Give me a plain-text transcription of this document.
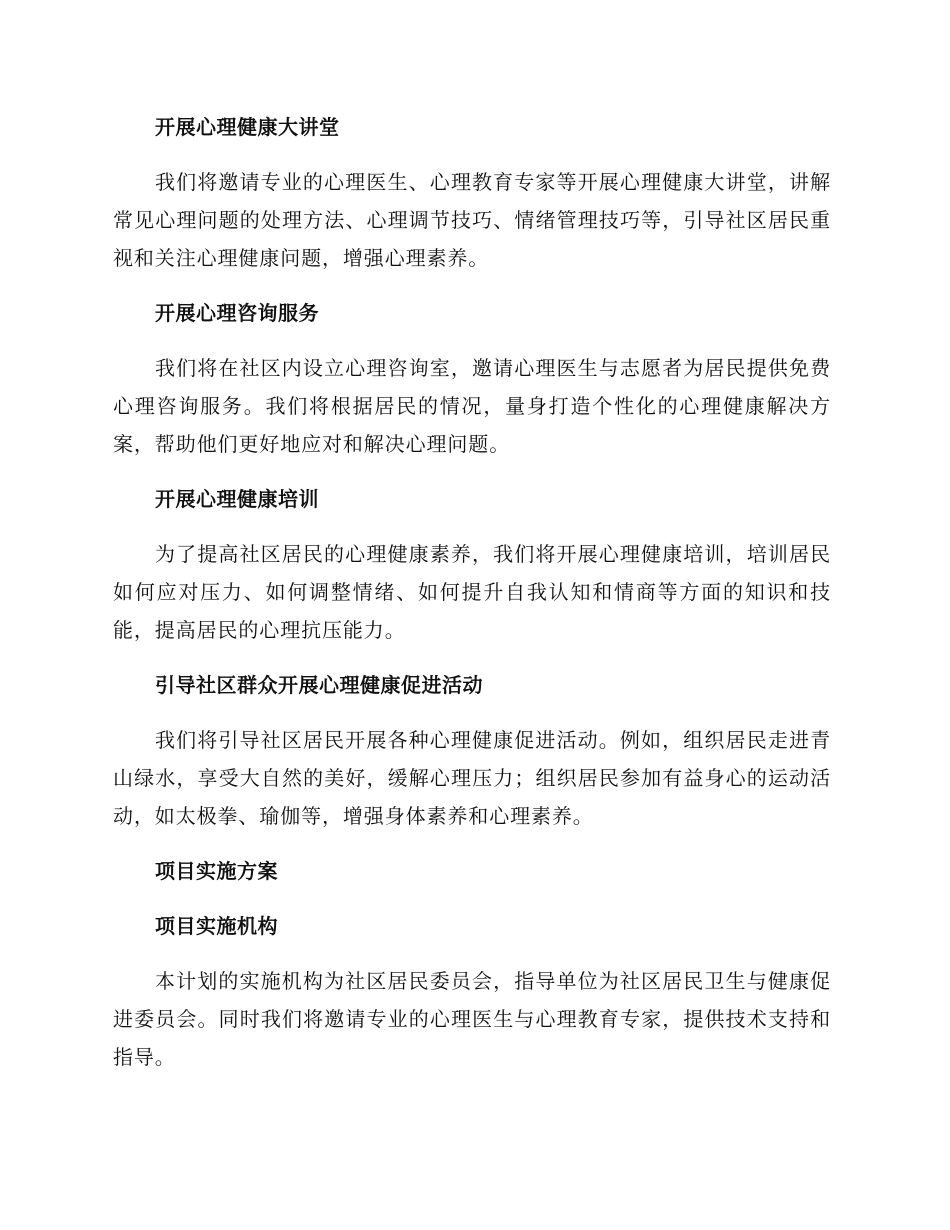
开展心理健康大讲堂

我们将邀请专业的心理医生、心理教育专家等开展心理健康大讲堂，讲解常见心理问题的处理方法、心理调节技巧、情绪管理技巧等，引导社区居民重视和关注心理健康问题，增强心理素养。

开展心理咨询服务

我们将在社区内设立心理咨询室，邀请心理医生与志愿者为居民提供免费心理咨询服务。我们将根据居民的情况，量身打造个性化的心理健康解决方案，帮助他们更好地应对和解决心理问题。

开展心理健康培训

为了提高社区居民的心理健康素养，我们将开展心理健康培训，培训居民如何应对压力、如何调整情绪、如何提升自我认知和情商等方面的知识和技能，提高居民的心理抗压能力。

引导社区群众开展心理健康促进活动

我们将引导社区居民开展各种心理健康促进活动。例如，组织居民走进青山绿水，享受大自然的美好，缓解心理压力；组织居民参加有益身心的运动活动，如太极拳、瑜伽等，增强身体素养和心理素养。

项目实施方案
项目实施机构

本计划的实施机构为社区居民委员会，指导单位为社区居民卫生与健康促进委员会。同时我们将邀请专业的心理医生与心理教育专家，提供技术支持和指导。
